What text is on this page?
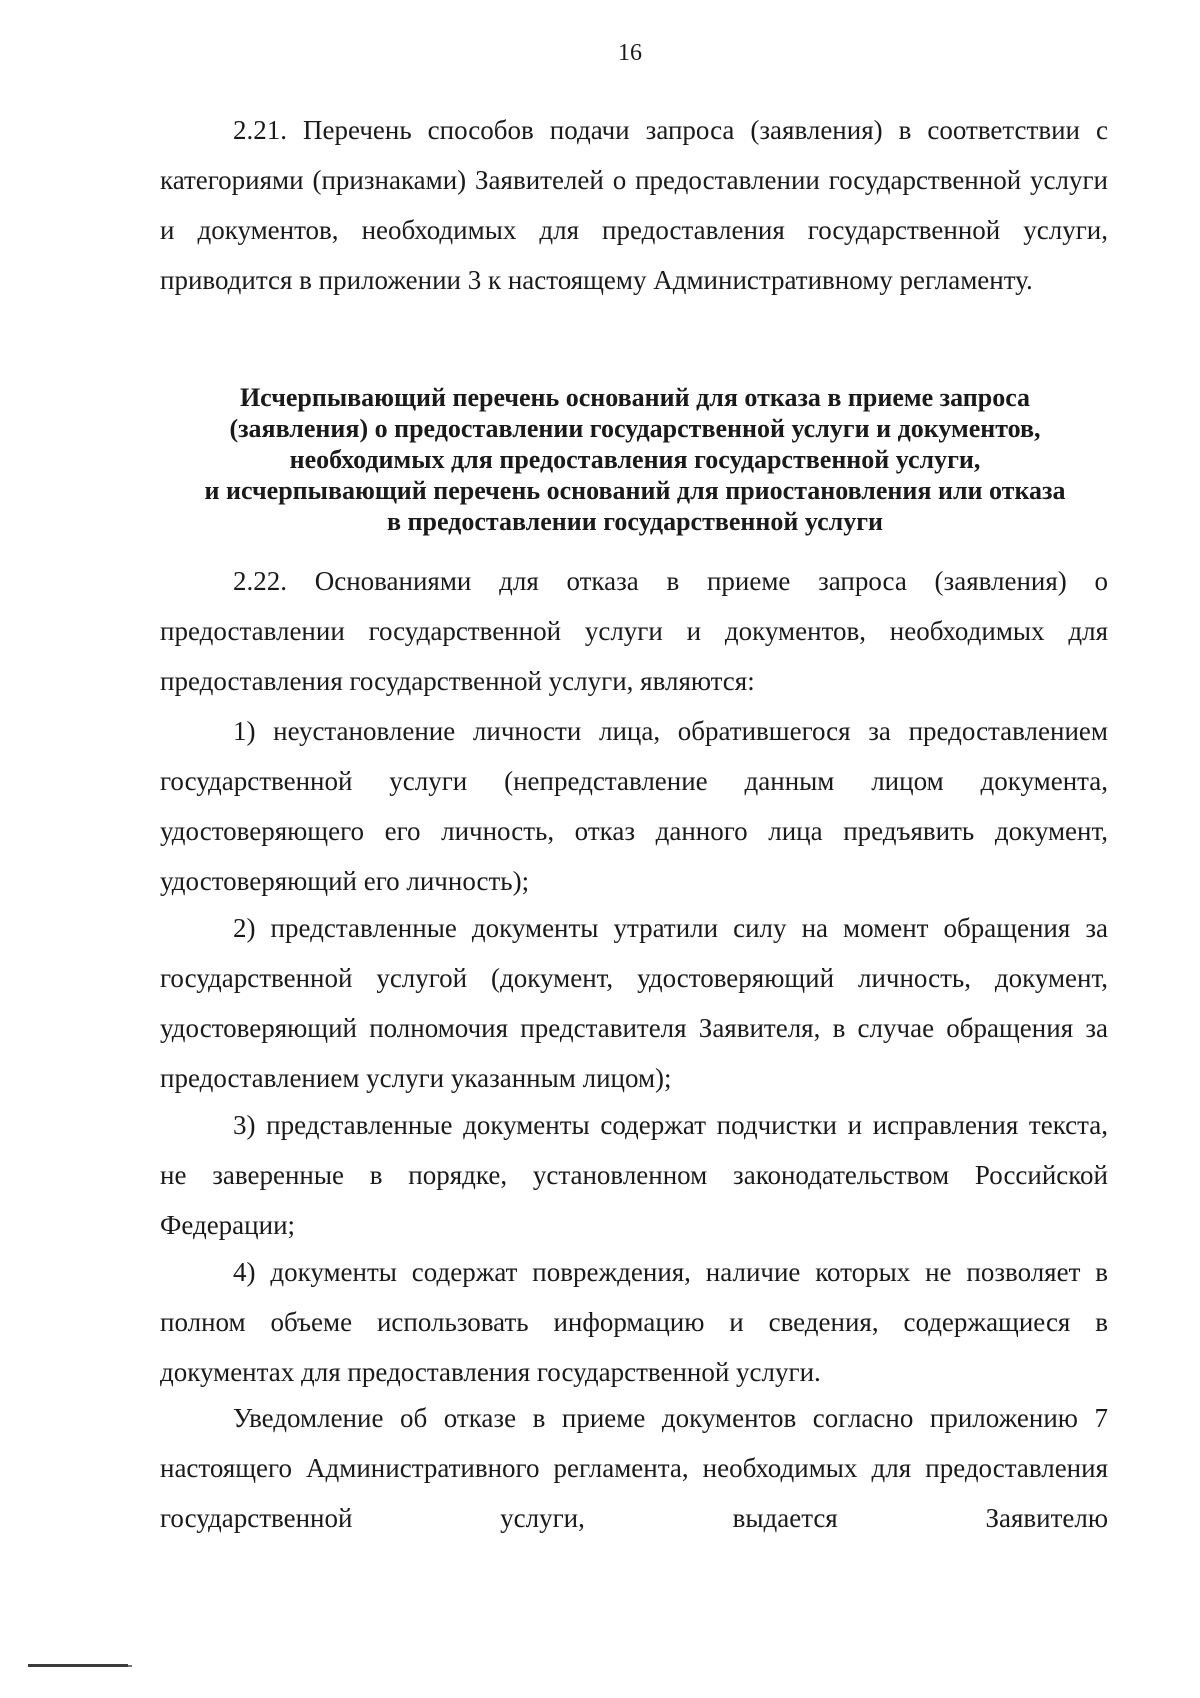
16

2.21. Перечень способов подачи запроса (заявления) в соответствии с категориями (признаками) Заявителей о предоставлении государственной услуги и документов, необходимых для предоставления государственной услуги, приводится в приложении 3 к настоящему Административному регламенту.

Исчерпывающий перечень оснований для отказа в приеме запроса
(заявления) о предоставлении государственной услуги и документов,
необходимых для предоставления государственной услуги,
и исчерпывающий перечень оснований для приостановления или отказа
в предоставлении государственной услуги

2.22. Основаниями для отказа в приеме запроса (заявления) о предоставлении государственной услуги и документов, необходимых для предоставления государственной услуги, являются:

1) неустановление личности лица, обратившегося за предоставлением государственной услуги (непредставление данным лицом документа, удостоверяющего его личность, отказ данного лица предъявить документ, удостоверяющий его личность);

2) представленные документы утратили силу на момент обращения за государственной услугой (документ, удостоверяющий личность, документ, удостоверяющий полномочия представителя Заявителя, в случае обращения за предоставлением услуги указанным лицом);

3) представленные документы содержат подчистки и исправления текста, не заверенные в порядке, установленном законодательством Российской Федерации;

4) документы содержат повреждения, наличие которых не позволяет в полном объеме использовать информацию и сведения, содержащиеся в документах для предоставления государственной услуги.

Уведомление об отказе в приеме документов согласно приложению 7 настоящего Административного регламента, необходимых для предоставления государственной услуги, выдается Заявителю
